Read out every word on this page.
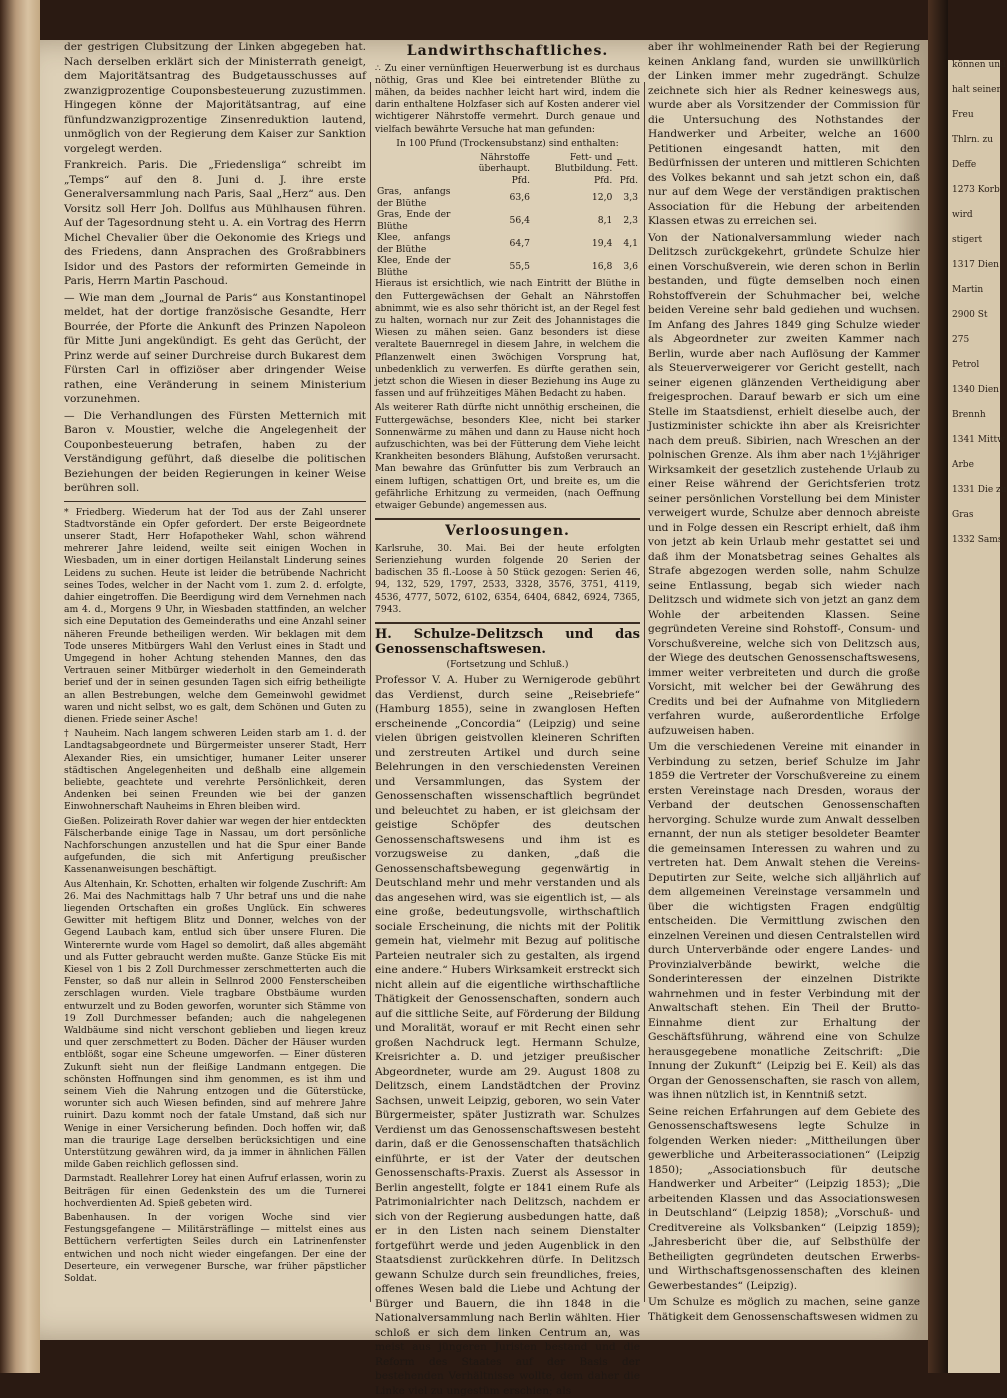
können und
halt seiner
Freu
Thlrn. zu
Deffe
1273 Korb
wird
stigert
1317 Dien
Martin
2900 St
275
Petrol
1340 Dien
Brennh
1341 Mittw
Arbe
1331 Die zu
Gras
1332 Sams

der gestrigen Clubsitzung der Linken abgegeben hat. Nach derselben erklärt sich der Ministerrath geneigt, dem Majoritätsantrag des Budgetausschusses auf zwanzigprozentige Couponsbesteuerung zuzustimmen. Hingegen könne der Majoritätsantrag, auf eine fünfundzwanzigprozentige Zinsenreduktion lautend, unmöglich von der Regierung dem Kaiser zur Sanktion vorgelegt werden.

Frankreich. Paris. Die „Friedensliga“ schreibt im „Temps“ auf den 8. Juni d. J. ihre erste Generalversammlung nach Paris, Saal „Herz“ aus. Den Vorsitz soll Herr Joh. Dollfus aus Mühlhausen führen. Auf der Tagesordnung steht u. A. ein Vortrag des Herrn Michel Chevalier über die Oekonomie des Kriegs und des Friedens, dann Ansprachen des Großrabbiners Isidor und des Pastors der reformirten Gemeinde in Paris, Herrn Martin Paschoud.

— Wie man dem „Journal de Paris“ aus Konstantinopel meldet, hat der dortige französische Gesandte, Herr Bourrée, der Pforte die Ankunft des Prinzen Napoleon für Mitte Juni angekündigt. Es geht das Gerücht, der Prinz werde auf seiner Durchreise durch Bukarest dem Fürsten Carl in offiziöser aber dringender Weise rathen, eine Veränderung in seinem Ministerium vorzunehmen.

— Die Verhandlungen des Fürsten Metternich mit Baron v. Moustier, welche die Angelegenheit der Couponbesteuerung betrafen, haben zu der Verständigung geführt, daß dieselbe die politischen Beziehungen der beiden Regierungen in keiner Weise berühren soll.

* Friedberg. Wiederum hat der Tod aus der Zahl unserer Stadtvorstände ein Opfer gefordert. Der erste Beigeordnete unserer Stadt, Herr Hofapotheker Wahl, schon während mehrerer Jahre leidend, weilte seit einigen Wochen in Wiesbaden, um in einer dortigen Heilanstalt Linderung seines Leidens zu suchen. Heute ist leider die betrübende Nachricht seines Todes, welcher in der Nacht vom 1. zum 2. d. erfolgte, dahier eingetroffen. Die Beerdigung wird dem Vernehmen nach am 4. d., Morgens 9 Uhr, in Wiesbaden stattfinden, an welcher sich eine Deputation des Gemeinderaths und eine Anzahl seiner näheren Freunde betheiligen werden. Wir beklagen mit dem Tode unseres Mitbürgers Wahl den Verlust eines in Stadt und Umgegend in hoher Achtung stehenden Mannes, den das Vertrauen seiner Mitbürger wiederholt in den Gemeinderath berief und der in seinen gesunden Tagen sich eifrig betheiligte an allen Bestrebungen, welche dem Gemeinwohl gewidmet waren und nicht selbst, wo es galt, dem Schönen und Guten zu dienen. Friede seiner Asche!

† Nauheim. Nach langem schweren Leiden starb am 1. d. der Landtagsabgeordnete und Bürgermeister unserer Stadt, Herr Alexander Ries, ein umsichtiger, humaner Leiter unserer städtischen Angelegenheiten und deßhalb eine allgemein beliebte, geachtete und verehrte Persönlichkeit, deren Andenken bei seinen Freunden wie bei der ganzen Einwohnerschaft Nauheims in Ehren bleiben wird.

Gießen. Polizeirath Rover dahier war wegen der hier entdeckten Fälscherbande einige Tage in Nassau, um dort persönliche Nachforschungen anzustellen und hat die Spur einer Bande aufgefunden, die sich mit Anfertigung preußischer Kassenanweisungen beschäftigt.

Aus Altenhain, Kr. Schotten, erhalten wir folgende Zuschrift: Am 26. Mai des Nachmittags halb 7 Uhr betraf uns und die nahe liegenden Ortschaften ein großes Unglück. Ein schweres Gewitter mit heftigem Blitz und Donner, welches von der Gegend Laubach kam, entlud sich über unsere Fluren. Die Winterernte wurde vom Hagel so demolirt, daß alles abgemäht und als Futter gebraucht werden mußte. Ganze Stücke Eis mit Kiesel von 1 bis 2 Zoll Durchmesser zerschmetterten auch die Fenster, so daß nur allein in Sellnrod 2000 Fensterscheiben zerschlagen wurden. Viele tragbare Obstbäume wurden entwurzelt und zu Boden geworfen, worunter sich Stämme von 19 Zoll Durchmesser befanden; auch die nahgelegenen Waldbäume sind nicht verschont geblieben und liegen kreuz und quer zerschmettert zu Boden. Dächer der Häuser wurden entblößt, sogar eine Scheune umgeworfen. — Einer düsteren Zukunft sieht nun der fleißige Landmann entgegen. Die schönsten Hoffnungen sind ihm genommen, es ist ihm und seinem Vieh die Nahrung entzogen und die Güterstücke, worunter sich auch Wiesen befinden, sind auf mehrere Jahre ruinirt. Dazu kommt noch der fatale Umstand, daß sich nur Wenige in einer Versicherung befinden. Doch hoffen wir, daß man die traurige Lage derselben berücksichtigen und eine Unterstützung gewähren wird, da ja immer in ähnlichen Fällen milde Gaben reichlich geflossen sind.

Darmstadt. Reallehrer Lorey hat einen Aufruf erlassen, worin zu Beiträgen für einen Gedenkstein des um die Turnerei hochverdienten Ad. Spieß gebeten wird.

Babenhausen. In der vorigen Woche sind vier Festungsgefangene — Militärsträflinge — mittelst eines aus Bettüchern verfertigten Seiles durch ein Latrinenfenster entwichen und noch nicht wieder eingefangen. Der eine der Deserteure, ein verwegener Bursche, war früher päpstlicher Soldat.

Landwirthschaftliches.

∴ Zu einer vernünftigen Heuerwerbung ist es durchaus nöthig, Gras und Klee bei eintretender Blüthe zu mähen, da beides nachher leicht hart wird, indem die darin enthaltene Holzfaser sich auf Kosten anderer viel wichtigerer Nährstoffe vermehrt. Durch genaue und vielfach bewährte Versuche hat man gefunden:

In 100 Pfund (Trockensubstanz) sind enthalten:

	Nährstoffe überhaupt.	Fett- und Blutbildung.	Fett.
	Pfd.	Pfd.	Pfd.
Gras, anfangs der Blüthe	63,6	12,0	3,3
Gras, Ende der Blüthe	56,4	8,1	2,3
Klee, anfangs der Blüthe	64,7	19,4	4,1
Klee, Ende der Blüthe	55,5	16,8	3,6

Hieraus ist ersichtlich, wie nach Eintritt der Blüthe in den Futtergewächsen der Gehalt an Nährstoffen abnimmt, wie es also sehr thöricht ist, an der Regel fest zu halten, wornach nur zur Zeit des Johannistages die Wiesen zu mähen seien. Ganz besonders ist diese veraltete Bauernregel in diesem Jahre, in welchem die Pflanzenwelt einen 3wöchigen Vorsprung hat, unbedenklich zu verwerfen. Es dürfte gerathen sein, jetzt schon die Wiesen in dieser Beziehung ins Auge zu fassen und auf frühzeitiges Mähen Bedacht zu haben.

Als weiterer Rath dürfte nicht unnöthig erscheinen, die Futtergewächse, besonders Klee, nicht bei starker Sonnenwärme zu mähen und dann zu Hause nicht hoch aufzuschichten, was bei der Fütterung dem Viehe leicht Krankheiten besonders Blähung, Aufstoßen verursacht. Man bewahre das Grünfutter bis zum Verbrauch an einem luftigen, schattigen Ort, und breite es, um die gefährliche Erhitzung zu vermeiden, (nach Oeffnung etwaiger Gebunde) angemessen aus.

Verloosungen.

Karlsruhe, 30. Mai. Bei der heute erfolgten Serienziehung wurden folgende 20 Serien der badischen 35 fl.-Loose à 50 Stück gezogen: Serien 46, 94, 132, 529, 1797, 2533, 3328, 3576, 3751, 4119, 4536, 4777, 5072, 6102, 6354, 6404, 6842, 6924, 7365, 7943.

H. Schulze-Delitzsch und das Genossenschaftswesen.

(Fortsetzung und Schluß.)

Professor V. A. Huber zu Wernigerode gebührt das Verdienst, durch seine „Reisebriefe“ (Hamburg 1855), seine in zwanglosen Heften erscheinende „Concordia“ (Leipzig) und seine vielen übrigen geistvollen kleineren Schriften und zerstreuten Artikel und durch seine Belehrungen in den verschiedensten Vereinen und Versammlungen, das System der Genossenschaften wissenschaftlich begründet und beleuchtet zu haben, er ist gleichsam der geistige Schöpfer des deutschen Genossenschaftswesens und ihm ist es vorzugsweise zu danken, „daß die Genossenschaftsbewegung gegenwärtig in Deutschland mehr und mehr verstanden und als das angesehen wird, was sie eigentlich ist, — als eine große, bedeutungsvolle, wirthschaftlich sociale Erscheinung, die nichts mit der Politik gemein hat, vielmehr mit Bezug auf politische Parteien neutraler sich zu gestalten, als irgend eine andere.“ Hubers Wirksamkeit erstreckt sich nicht allein auf die eigentliche wirthschaftliche Thätigkeit der Genossenschaften, sondern auch auf die sittliche Seite, auf Förderung der Bildung und Moralität, worauf er mit Recht einen sehr großen Nachdruck legt. Hermann Schulze, Kreisrichter a. D. und jetziger preußischer Abgeordneter, wurde am 29. August 1808 zu Delitzsch, einem Landstädtchen der Provinz Sachsen, unweit Leipzig, geboren, wo sein Vater Bürgermeister, später Justizrath war. Schulzes Verdienst um das Genossenschaftswesen besteht darin, daß er die Genossenschaften thatsächlich einführte, er ist der Vater der deutschen Genossenschafts-Praxis. Zuerst als Assessor in Berlin angestellt, folgte er 1841 einem Rufe als Patrimonialrichter nach Delitzsch, nachdem er sich von der Regierung ausbedungen hatte, daß er in den Listen nach seinem Dienstalter fortgeführt werde und jeden Augenblick in den Staatsdienst zurückkehren dürfe. In Delitzsch gewann Schulze durch sein freundliches, freies, offenes Wesen bald die Liebe und Achtung der Bürger und Bauern, die ihn 1848 in die Nationalversammlung nach Berlin wählten. Hier schloß er sich dem linken Centrum an, was meist aus jüngeren Juristen bestand und die Reform des Staates auf der Basis der bestehenden Verhältnisse wollte, dem daher die Linke viel zu ungestüm erschien; als

aber ihr wohlmeinender Rath bei der Regierung keinen Anklang fand, wurden sie unwillkürlich der Linken immer mehr zugedrängt. Schulze zeichnete sich hier als Redner keineswegs aus, wurde aber als Vorsitzender der Commission für die Untersuchung des Nothstandes der Handwerker und Arbeiter, welche an 1600 Petitionen eingesandt hatten, mit den Bedürfnissen der unteren und mittleren Schichten des Volkes bekannt und sah jetzt schon ein, daß nur auf dem Wege der verständigen praktischen Association für die Hebung der arbeitenden Klassen etwas zu erreichen sei.

Von der Nationalversammlung wieder nach Delitzsch zurückgekehrt, gründete Schulze hier einen Vorschußverein, wie deren schon in Berlin bestanden, und fügte demselben noch einen Rohstoffverein der Schuhmacher bei, welche beiden Vereine sehr bald gediehen und wuchsen. Im Anfang des Jahres 1849 ging Schulze wieder als Abgeordneter zur zweiten Kammer nach Berlin, wurde aber nach Auflösung der Kammer als Steuerverweigerer vor Gericht gestellt, nach seiner eigenen glänzenden Vertheidigung aber freigesprochen. Darauf bewarb er sich um eine Stelle im Staatsdienst, erhielt dieselbe auch, der Justizminister schickte ihn aber als Kreisrichter nach dem preuß. Sibirien, nach Wreschen an der polnischen Grenze. Als ihm aber nach 1½jähriger Wirksamkeit der gesetzlich zustehende Urlaub zu einer Reise während der Gerichtsferien trotz seiner persönlichen Vorstellung bei dem Minister verweigert wurde, Schulze aber dennoch abreiste und in Folge dessen ein Rescript erhielt, daß ihm von jetzt ab kein Urlaub mehr gestattet sei und daß ihm der Monatsbetrag seines Gehaltes als Strafe abgezogen werden solle, nahm Schulze seine Entlassung, begab sich wieder nach Delitzsch und widmete sich von jetzt an ganz dem Wohle der arbeitenden Klassen. Seine gegründeten Vereine sind Rohstoff-, Consum- und Vorschußvereine, welche sich von Delitzsch aus, der Wiege des deutschen Genossenschaftswesens, immer weiter verbreiteten und durch die große Vorsicht, mit welcher bei der Gewährung des Credits und bei der Aufnahme von Mitgliedern verfahren wurde, außerordentliche Erfolge aufzuweisen haben.

Um die verschiedenen Vereine mit einander in Verbindung zu setzen, berief Schulze im Jahr 1859 die Vertreter der Vorschußvereine zu einem ersten Vereinstage nach Dresden, woraus der Verband der deutschen Genossenschaften hervorging. Schulze wurde zum Anwalt desselben ernannt, der nun als stetiger besoldeter Beamter die gemeinsamen Interessen zu wahren und zu vertreten hat. Dem Anwalt stehen die Vereins-Deputirten zur Seite, welche sich alljährlich auf dem allgemeinen Vereinstage versammeln und über die wichtigsten Fragen endgültig entscheiden. Die Vermittlung zwischen den einzelnen Vereinen und diesen Centralstellen wird durch Unterverbände oder engere Landes- und Provinzialverbände bewirkt, welche die Sonderinteressen der einzelnen Distrikte wahrnehmen und in fester Verbindung mit der Anwaltschaft stehen. Ein Theil der Brutto-Einnahme dient zur Erhaltung der Geschäftsführung, während eine von Schulze herausgegebene monatliche Zeitschrift: „Die Innung der Zukunft“ (Leipzig bei E. Keil) als das Organ der Genossenschaften, sie rasch von allem, was ihnen nützlich ist, in Kenntniß setzt.

Seine reichen Erfahrungen auf dem Gebiete des Genossenschaftswesens legte Schulze in folgenden Werken nieder: „Mittheilungen über gewerbliche und Arbeiterassociationen“ (Leipzig 1850); „Associationsbuch für deutsche Handwerker und Arbeiter“ (Leipzig 1853); „Die arbeitenden Klassen und das Associationswesen in Deutschland“ (Leipzig 1858); „Vorschuß- und Creditvereine als Volksbanken“ (Leipzig 1859); „Jahresbericht über die, auf Selbsthülfe der Betheiligten gegründeten deutschen Erwerbs- und Wirthschaftsgenossenschaften des kleinen Gewerbestandes“ (Leipzig).

Um Schulze es möglich zu machen, seine ganze Thätigkeit dem Genossenschaftswesen widmen zu
